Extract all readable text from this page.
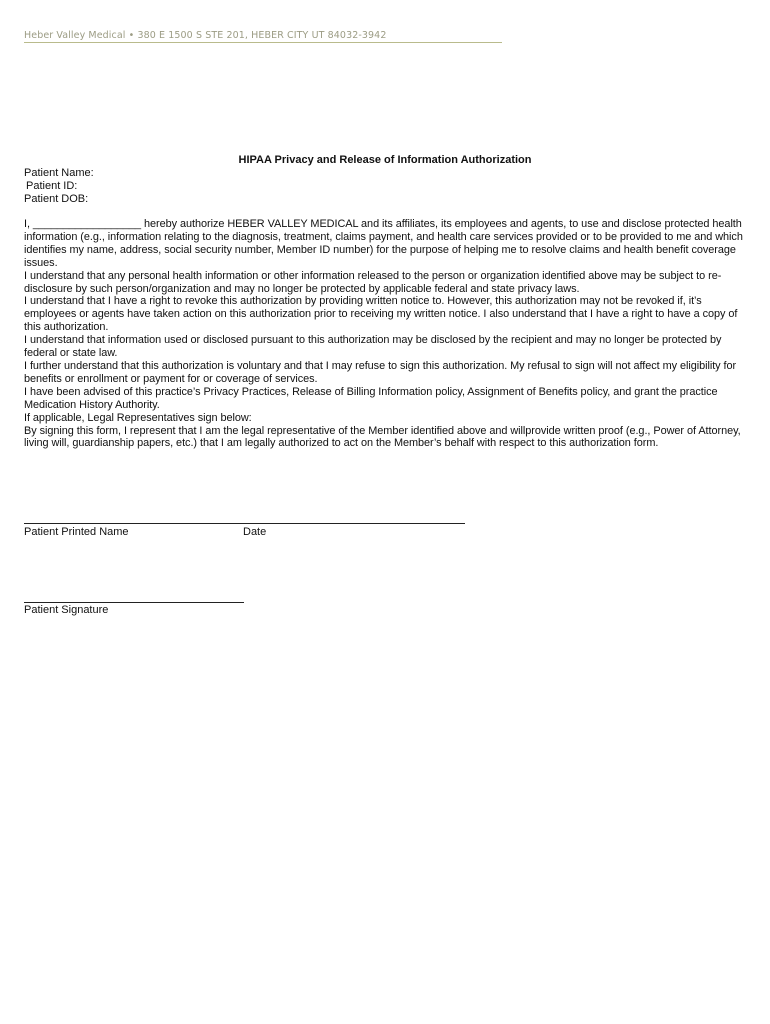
Heber Valley Medical • 380 E 1500 S STE 201, HEBER CITY UT 84032-3942
HIPAA Privacy and Release of Information Authorization
Patient Name:
Patient ID:
Patient DOB:

I, __________________ hereby authorize HEBER VALLEY MEDICAL and its affiliates, its employees and agents, to use and disclose protected health information (e.g., information relating to the diagnosis, treatment, claims payment, and health care services provided or to be provided to me and which identifies my name, address, social security number, Member ID number) for the purpose of helping me to resolve claims and health benefit coverage issues.

I understand that any personal health information or other information released to the person or organization identified above may be subject to re-disclosure by such person/organization and may no longer be protected by applicable federal and state privacy laws.

I understand that I have a right to revoke this authorization by providing written notice to. However, this authorization may not be revoked if, it’s employees or agents have taken action on this authorization prior to receiving my written notice. I also understand that I have a right to have a copy of this authorization.

I understand that information used or disclosed pursuant to this authorization may be disclosed by the recipient and may no longer be protected by federal or state law.

I further understand that this authorization is voluntary and that I may refuse to sign this authorization. My refusal to sign will not affect my eligibility for benefits or enrollment or payment for or coverage of services.

I have been advised of this practice’s Privacy Practices, Release of Billing Information policy, Assignment of Benefits policy, and grant the practice Medication History Authority.

If applicable, Legal Representatives sign below:

By signing this form, I represent that I am the legal representative of the Member identified above and willprovide written proof (e.g., Power of Attorney, living will, guardianship papers, etc.) that I am legally authorized to act on the Member’s behalf with respect to this authorization form.

Patient Printed Name	Date
Patient Signature
